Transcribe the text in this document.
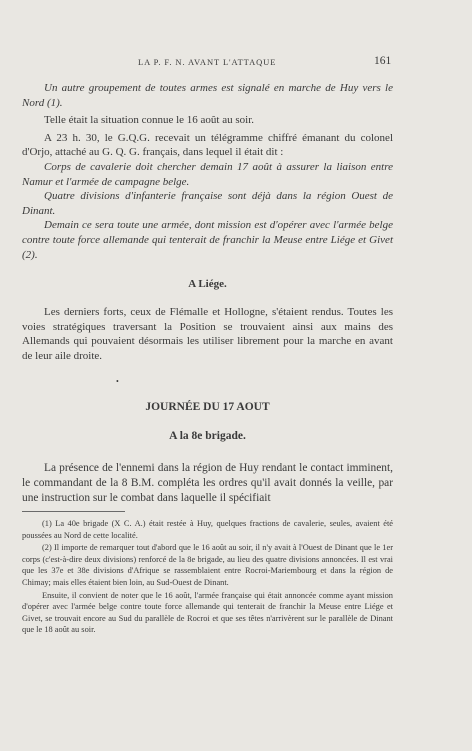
LA P. F. N. AVANT L'ATTAQUE	161

Un autre groupement de toutes armes est signalé en marche de Huy vers le Nord (1).

Telle était la situation connue le 16 août au soir.

A 23 h. 30, le G.Q.G. recevait un télégramme chiffré émanant du colonel d'Orjo, attaché au G. Q. G. français, dans lequel il était dit :

Corps de cavalerie doit chercher demain 17 août à assurer la liaison entre Namur et l'armée de campagne belge.

Quatre divisions d'infanterie française sont déjà dans la région Ouest de Dinant.

Demain ce sera toute une armée, dont mission est d'opérer avec l'armée belge contre toute force allemande qui tenterait de franchir la Meuse entre Liége et Givet (2).

A Liége.

Les derniers forts, ceux de Flémalle et Hollogne, s'étaient rendus. Toutes les voies stratégiques traversant la Position se trouvaient ainsi aux mains des Allemands qui pouvaient désormais les utiliser librement pour la marche en avant de leur aile droite.

•
JOURNÉE DU 17 AOUT
A la 8e brigade.

La présence de l'ennemi dans la région de Huy rendant le contact imminent, le commandant de la 8 B.M. compléta les ordres qu'il avait donnés la veille, par une instruction sur le combat dans laquelle il spécifiait

(1) La 40e brigade (X C. A.) était restée à Huy, quelques fractions de cavalerie, seules, avaient été poussées au Nord de cette localité.

(2) Il importe de remarquer tout d'abord que le 16 août au soir, il n'y avait à l'Ouest de Dinant que le 1er corps (c'est-à-dire deux divisions) renforcé de la 8e brigade, au lieu des quatre divisions annoncées. Il est vrai que les 37e et 38e divisions d'Afrique se rassemblaient entre Rocroi-Mariembourg et dans la région de Chimay; mais elles étaient bien loin, au Sud-Ouest de Dinant.

Ensuite, il convient de noter que le 16 août, l'armée française qui était annoncée comme ayant mission d'opérer avec l'armée belge contre toute force allemande qui tenterait de franchir la Meuse entre Liége et Givet, se trouvait encore au Sud du parallèle de Rocroi et que ses têtes n'arrivèrent sur le parallèle de Dinant que le 18 août au soir.
